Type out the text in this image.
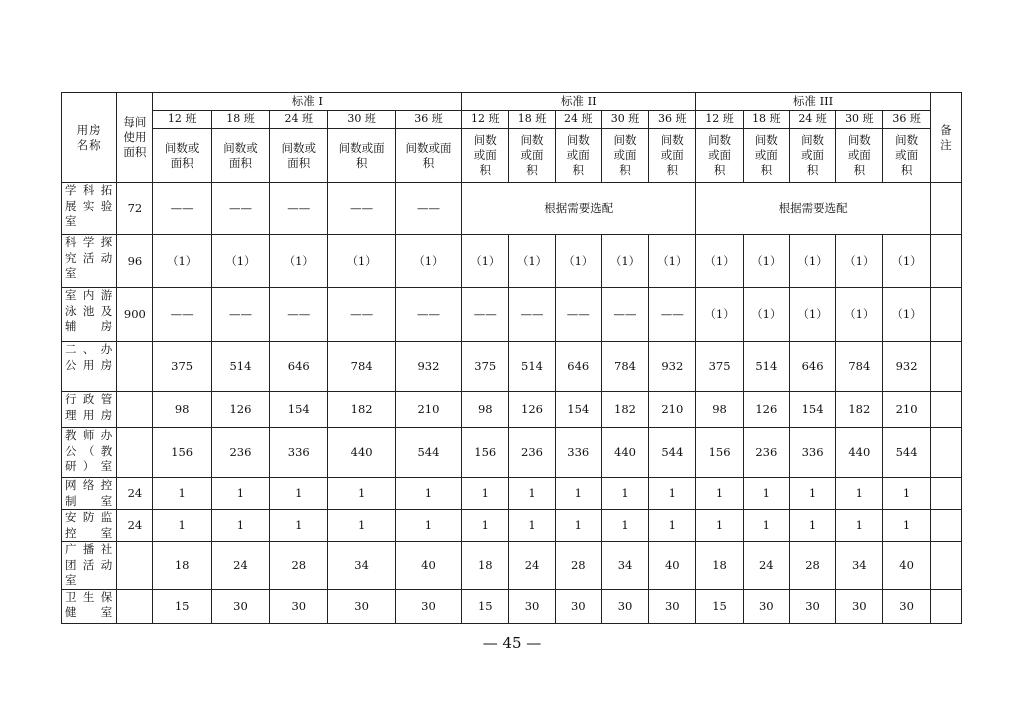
用房名称	每间使用面积	标准 I					标准 II					标准 III					备注
		12 班	18 班	24 班	30 班	36 班	12 班	18 班	24 班	30 班	36 班	12 班	18 班	24 班	30 班	36 班	
		间数或面积	间数或面积	间数或面积	间数或面积	间数或面积	间数或面积	间数或面积	间数或面积	间数或面积	间数或面积	间数或面积	间数或面积	间数或面积	间数或面积	间数或面积	
学科拓展实验室	72	——	——	——	——	——	根据需要选配					根据需要选配					
科学探究活动室	96	（1）	（1）	（1）	（1）	（1）	（1）	（1）	（1）	（1）	（1）	（1）	（1）	（1）	（1）	（1）	
室内游泳池及辅房	900	——	——	——	——	——	——	——	——	——	——	（1）	（1）	（1）	（1）	（1）	
二、办公用房		375	514	646	784	932	375	514	646	784	932	375	514	646	784	932	
行政管理用房		98	126	154	182	210	98	126	154	182	210	98	126	154	182	210	
教师办公（教研）室		156	236	336	440	544	156	236	336	440	544	156	236	336	440	544	
网络控制室	24	1	1	1	1	1	1	1	1	1	1	1	1	1	1	1	
安防监控室	24	1	1	1	1	1	1	1	1	1	1	1	1	1	1	1	
广播社团活动室		18	24	28	34	40	18	24	28	34	40	18	24	28	34	40	
卫生保健室		15	30	30	30	30	15	30	30	30	30	15	30	30	30	30	
— 45 —
